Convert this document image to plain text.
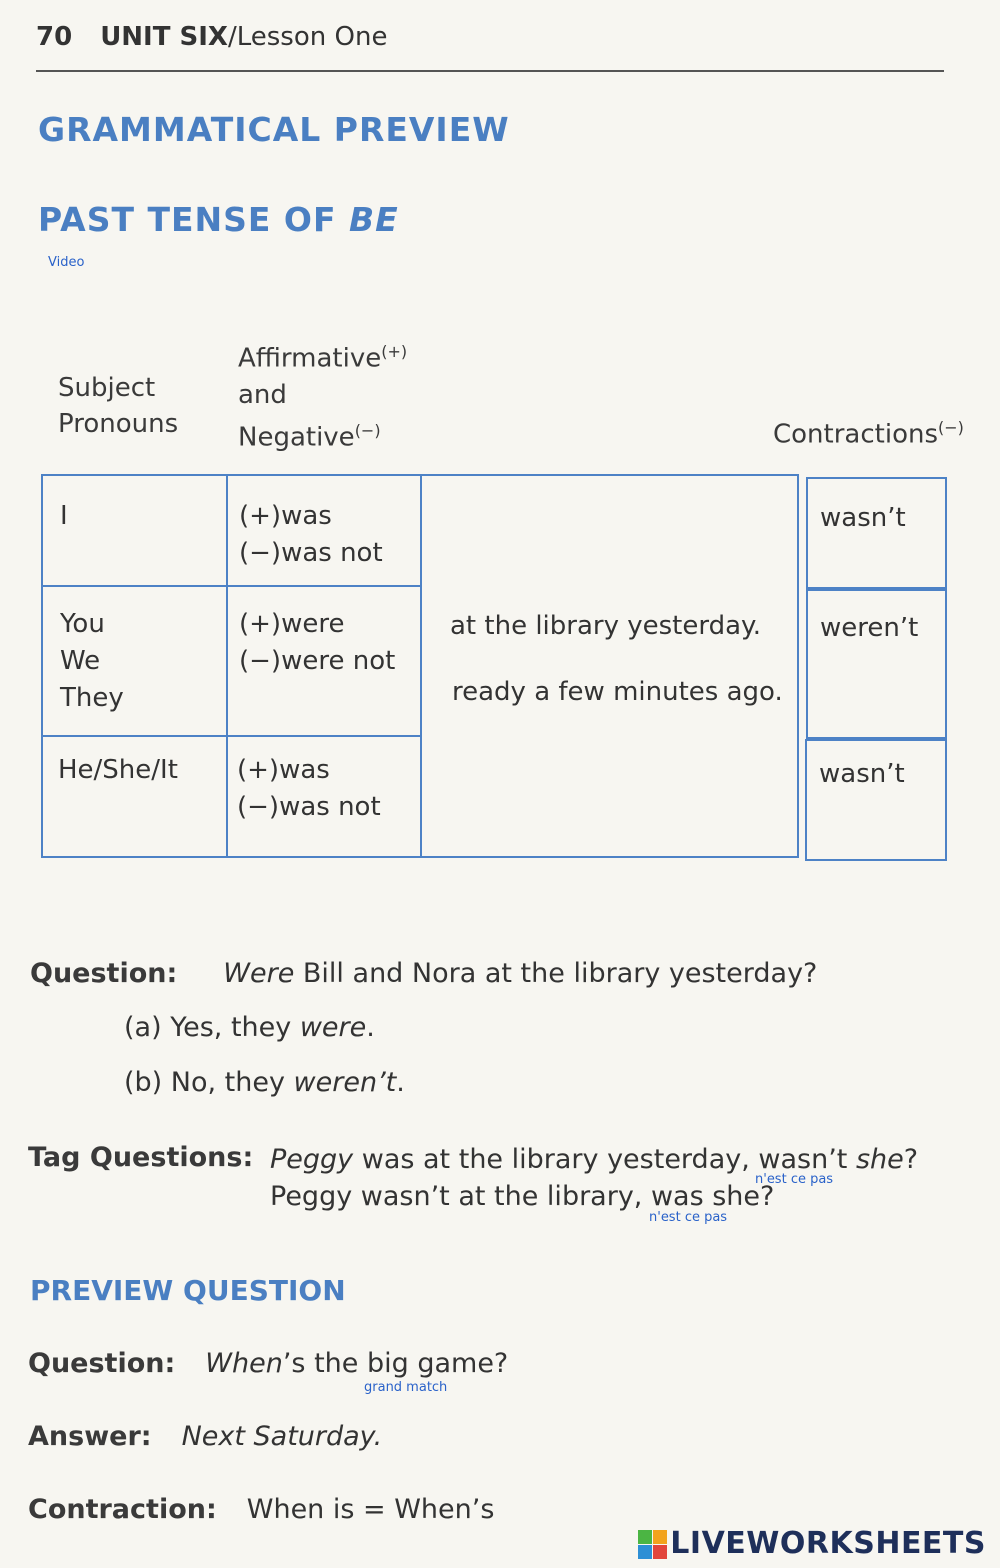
70 UNIT SIX/Lesson One
GRAMMATICAL PREVIEW
PAST TENSE OF BE
Video
Subject
Pronouns
Affirmative(+)
and
Negative(−)	Contractions(−)
I	(+)was
(−)was not
You
We
They
(+)were
(−)were not
He/She/It (+)was
(−)was not
at the library yesterday.
ready a few minutes ago.
wasn’t
weren’t
wasn’t
Question: Were Bill and Nora at the library yesterday?
(a) Yes, they were.
(b) No, they weren’t.
Tag Questions: Peggy was at the library yesterday, wasn’t she?
n'est ce pas
Peggy wasn’t at the library, was she?
n'est ce pas
PREVIEW QUESTION
Question: When’s the big game?
grand match
Answer: Next Saturday.
Contraction: When is = When’s
LIVEWORKSHEETS
